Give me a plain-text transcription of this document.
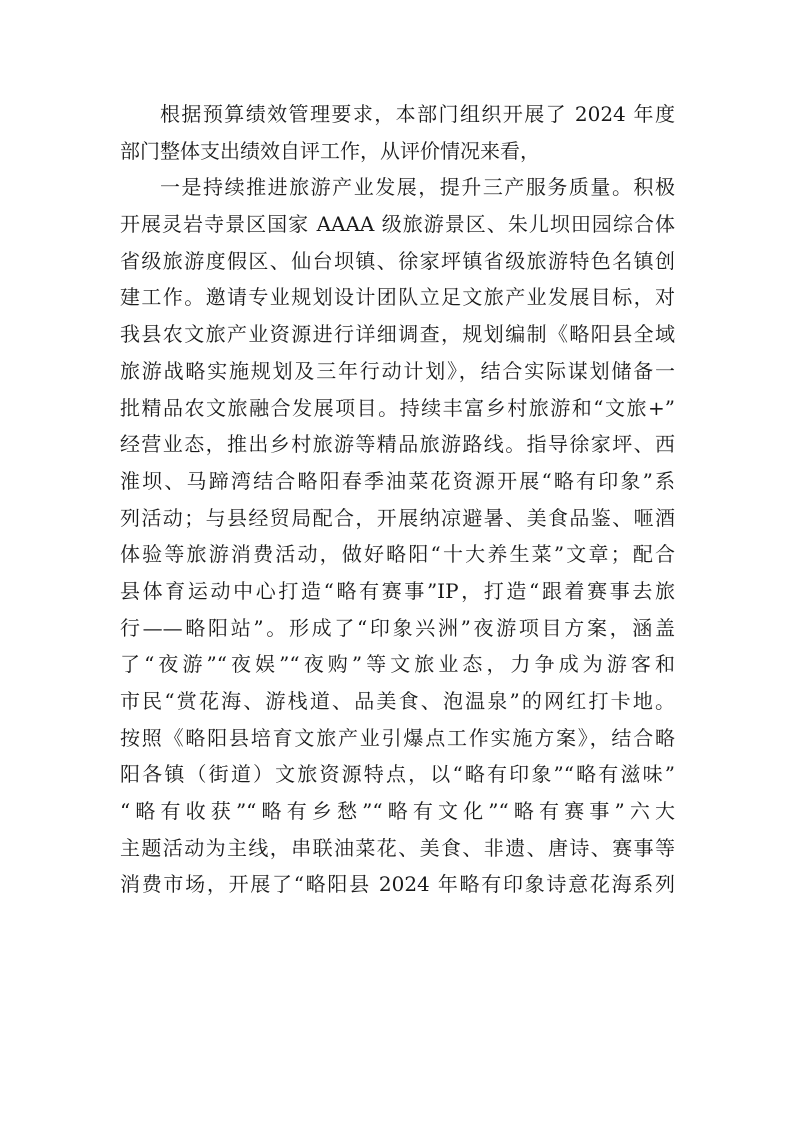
根据预算绩效管理要求，本部门组织开展了 2024 年度
部门整体支出绩效自评工作，从评价情况来看，
一是持续推进旅游产业发展，提升三产服务质量。积极
开展灵岩寺景区国家 AAAA 级旅游景区、朱儿坝田园综合体
省级旅游度假区、仙台坝镇、徐家坪镇省级旅游特色名镇创
建工作。邀请专业规划设计团队立足文旅产业发展目标，对
我县农文旅产业资源进行详细调查，规划编制《略阳县全域
旅游战略实施规划及三年行动计划》，结合实际谋划储备一
批精品农文旅融合发展项目。持续丰富乡村旅游和“文旅+”
经营业态，推出乡村旅游等精品旅游路线。指导徐家坪、西
淮坝、马蹄湾结合略阳春季油菜花资源开展“略有印象”系
列活动；与县经贸局配合，开展纳凉避暑、美食品鉴、咂酒
体验等旅游消费活动，做好略阳“十大养生菜”文章；配合
县体育运动中心打造“略有赛事”IP，打造“跟着赛事去旅
行——略阳站”。形成了“印象兴洲”夜游项目方案，涵盖
了“夜游”“夜娱”“夜购”等文旅业态，力争成为游客和
市民“赏花海、游栈道、品美食、泡温泉”的网红打卡地。
按照《略阳县培育文旅产业引爆点工作实施方案》，结合略
阳各镇（街道）文旅资源特点，以“略有印象”“略有滋味”
“略有收获”“略有乡愁”“略有文化”“略有赛事”六大
主题活动为主线，串联油菜花、美食、非遗、唐诗、赛事等
消费市场，开展了“略阳县 2024 年略有印象诗意花海系列
